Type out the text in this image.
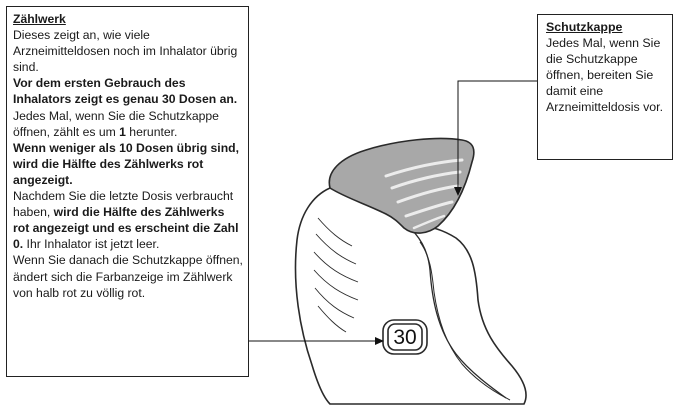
30
Zählwerk
Dieses zeigt an, wie viele Arzneimitteldosen noch im Inhalator übrig sind.
Vor dem ersten Gebrauch des Inhalators zeigt es genau 30 Dosen an.
Jedes Mal, wenn Sie die Schutzkappe öffnen, zählt es um 1 herunter.
Wenn weniger als 10 Dosen übrig sind, wird die Hälfte des Zählwerks rot angezeigt.
Nachdem Sie die letzte Dosis verbraucht haben, wird die Hälfte des Zählwerks rot angezeigt und es erscheint die Zahl 0. Ihr Inhalator ist jetzt leer.
Wenn Sie danach die Schutzkappe öffnen, ändert sich die Farbanzeige im Zählwerk von halb rot zu völlig rot.
Schutzkappe
Jedes Mal, wenn Sie die Schutzkappe öffnen, bereiten Sie damit eine Arzneimitteldosis vor.
